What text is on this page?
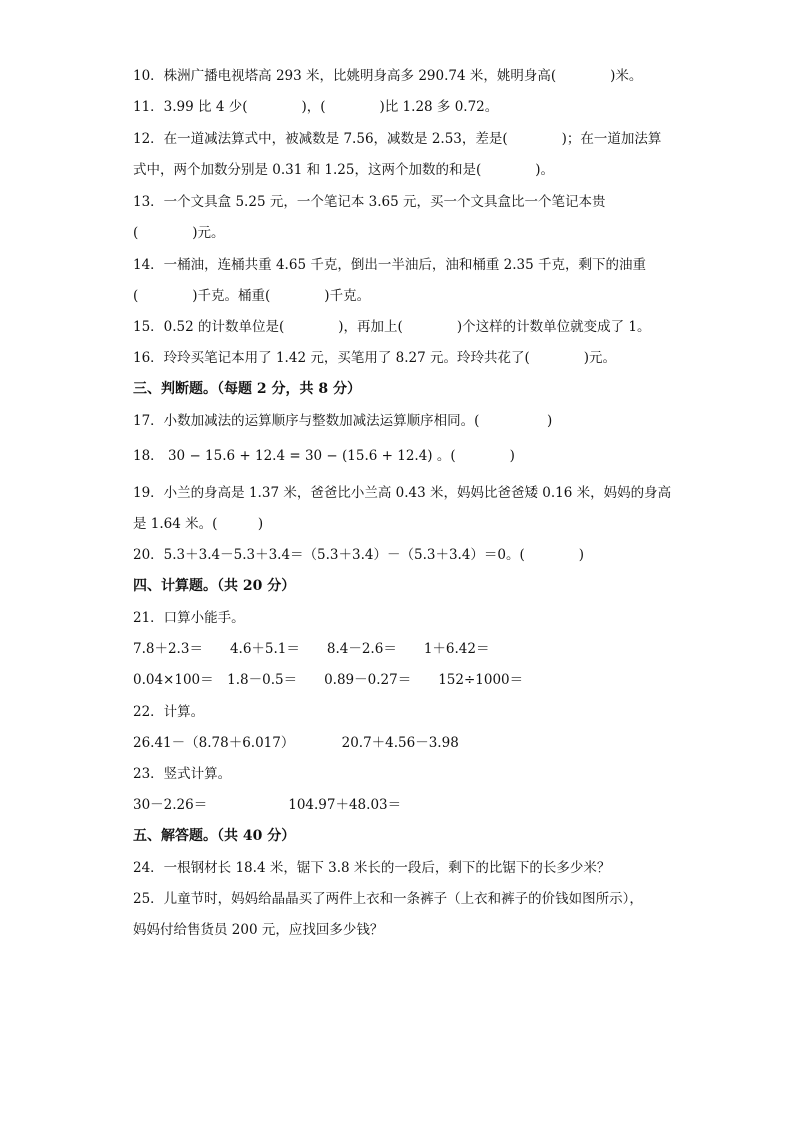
10．株洲广播电视塔高 293 米，比姚明身高多 290.74 米，姚明身高(　　　　)米。
11．3.99 比 4 少(　　　　)，(　　　　)比 1.28 多 0.72。
12．在一道减法算式中，被减数是 7.56，减数是 2.53，差是(　　　　)；在一道加法算
式中，两个加数分别是 0.31 和 1.25，这两个加数的和是(　　　　)。
13．一个文具盒 5.25 元，一个笔记本 3.65 元，买一个文具盒比一个笔记本贵
(　　　　)元。
14．一桶油，连桶共重 4.65 千克，倒出一半油后，油和桶重 2.35 千克，剩下的油重
(　　　　)千克。桶重(　　　　)千克。
15．0.52 的计数单位是(　　　　)，再加上(　　　　)个这样的计数单位就变成了 1。
16．玲玲买笔记本用了 1.42 元，买笔用了 8.27 元。玲玲共花了(　　　　)元。
三、判断题。（每题 2 分，共 8 分）
17．小数加减法的运算顺序与整数加减法运算顺序相同。(　　　　　)
18． 30 − 15.6 + 12.4 = 30 − (15.6 + 12.4) 。(　　　　)
19．小兰的身高是 1.37 米，爸爸比小兰高 0.43 米，妈妈比爸爸矮 0.16 米，妈妈的身高
是 1.64 米。(　　　)
20．5.3＋3.4－5.3＋3.4＝（5.3＋3.4）－（5.3＋3.4）＝0。(　　　　)
四、计算题。（共 20 分）
21．口算小能手。
7.8＋2.3＝　　4.6＋5.1＝　　8.4－2.6＝　　1＋6.42＝
0.04×100＝　1.8－0.5＝　　0.89－0.27＝　　152÷1000＝
22．计算。
26.41－（8.78＋6.017）　　　　20.7＋4.56－3.98
23．竖式计算。
30－2.26＝　　　　　　104.97＋48.03＝
五、解答题。（共 40 分）
24．一根钢材长 18.4 米，锯下 3.8 米长的一段后，剩下的比锯下的长多少米？
25．儿童节时，妈妈给晶晶买了两件上衣和一条裤子（上衣和裤子的价钱如图所示），
妈妈付给售货员 200 元，应找回多少钱？
